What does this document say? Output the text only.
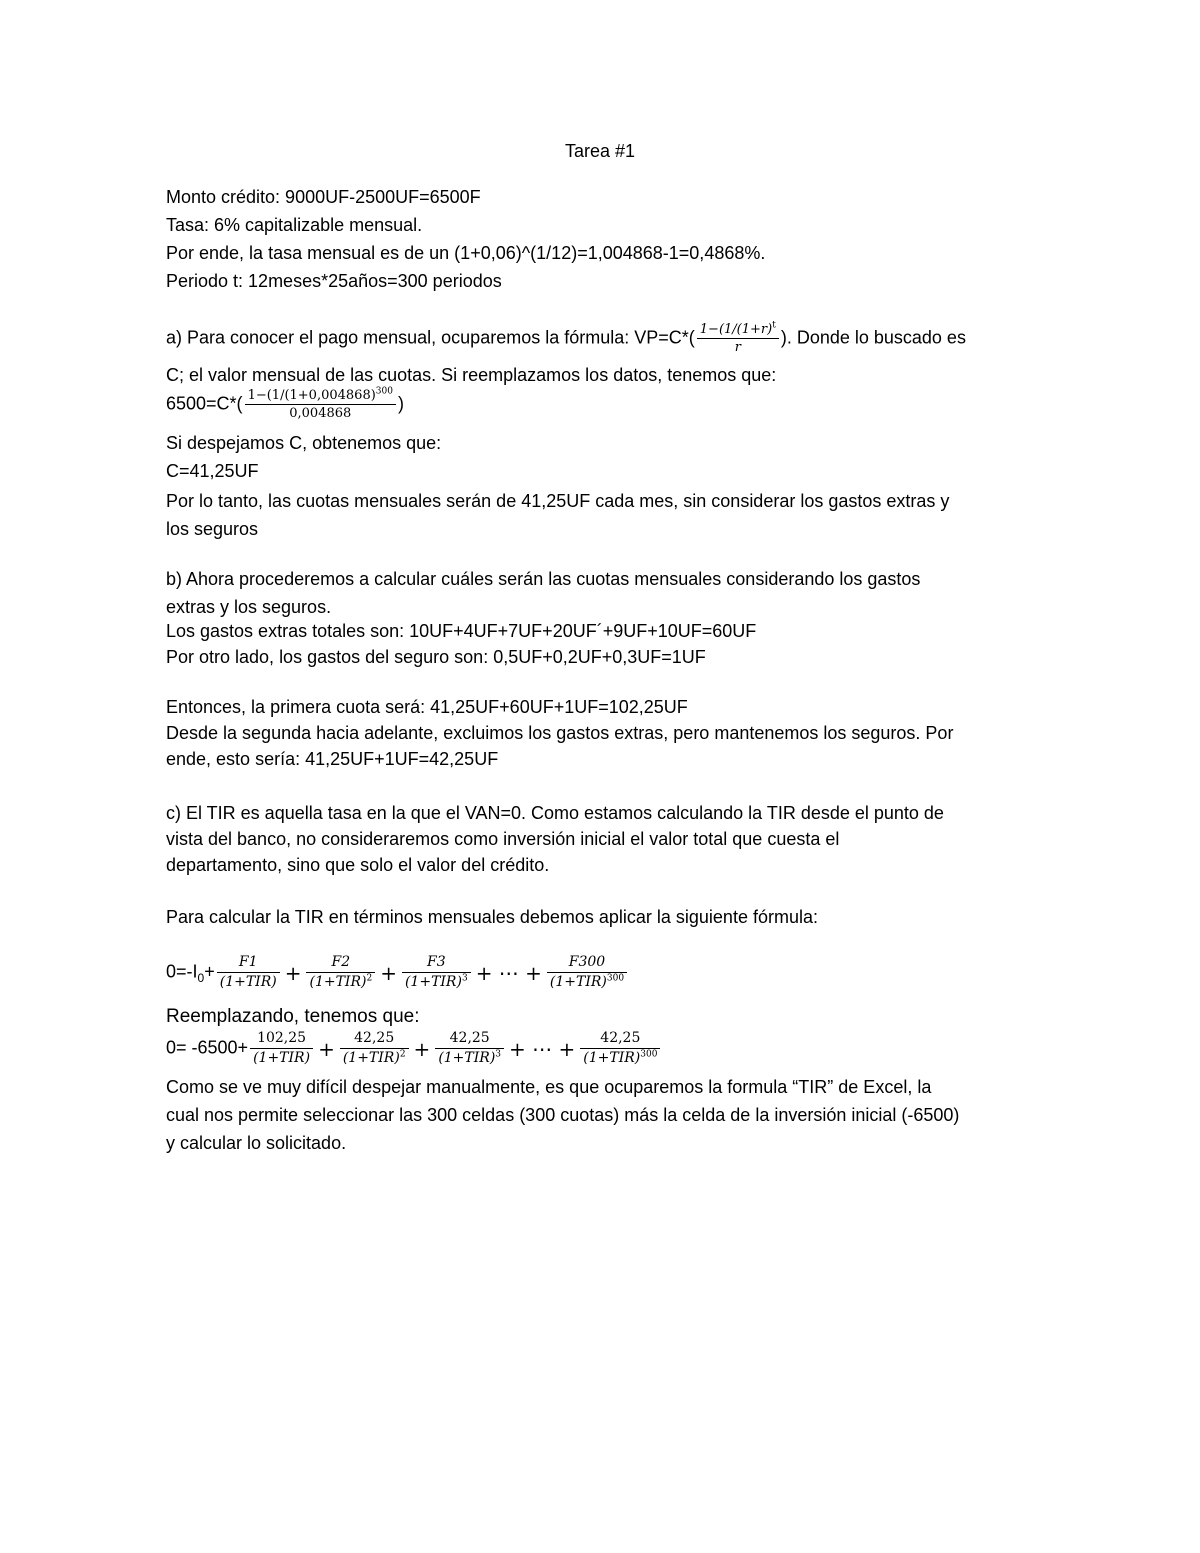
Tarea #1
Monto crédito: 9000UF-2500UF=6500F
Tasa: 6% capitalizable mensual.
Por ende, la tasa mensual es de un (1+0,06)^(1/12)=1,004868-1=0,4868%.
Periodo t: 12meses*25años=300 periodos
a) Para conocer el pago mensual, ocuparemos la fórmula: $VP=C*( \frac{1-(1/(1+r)^t}{r}$ ). Donde lo buscado es
C; el valor mensual de las cuotas. Si reemplazamos los datos, tenemos que:
$6500=C*( \frac{1-(1/(1+0,004868)^{300}}{0,004868}$ )
Si despejamos C, obtenemos que:
C=41,25UF
Por lo tanto, las cuotas mensuales serán de 41,25UF cada mes, sin considerar los gastos extras y
los seguros
b) Ahora procederemos a calcular cuáles serán las cuotas mensuales considerando los gastos
extras y los seguros.
Los gastos extras totales son: 10UF+4UF+7UF+20UF´+9UF+10UF=60UF
Por otro lado, los gastos del seguro son: 0,5UF+0,2UF+0,3UF=1UF
Entonces, la primera cuota será: 41,25UF+60UF+1UF=102,25UF
Desde la segunda hacia adelante, excluimos los gastos extras, pero mantenemos los seguros. Por
ende, esto sería: 41,25UF+1UF=42,25UF
c) El TIR es aquella tasa en la que el VAN=0. Como estamos calculando la TIR desde el punto de
vista del banco, no consideraremos como inversión inicial el valor total que cuesta el
departamento, sino que solo el valor del crédito.
Para calcular la TIR en términos mensuales debemos aplicar la siguiente fórmula:
$0=-I_0+ \frac{F1}{\text{(1+TIR)}} + \frac{F2}{(1+TIR)^2} + \frac{F3}{(1+TIR)^3}$ + ⋯ + $\frac{F300}{(1+TIR)^{300}}$
Reemplazando, tenemos que:
$0= -6500+ \frac{102,25}{\text{(1+TIR)}} + \frac{42,25}{(1+TIR)^2} + \frac{42,25}{(1+TIR)^3}$ + ⋯ + $\frac{42,25}{(1+TIR)^{300}}$
Como se ve muy difícil despejar manualmente, es que ocuparemos la formula “TIR” de Excel, la
cual nos permite seleccionar las 300 celdas (300 cuotas) más la celda de la inversión inicial (-6500)
y calcular lo solicitado.
